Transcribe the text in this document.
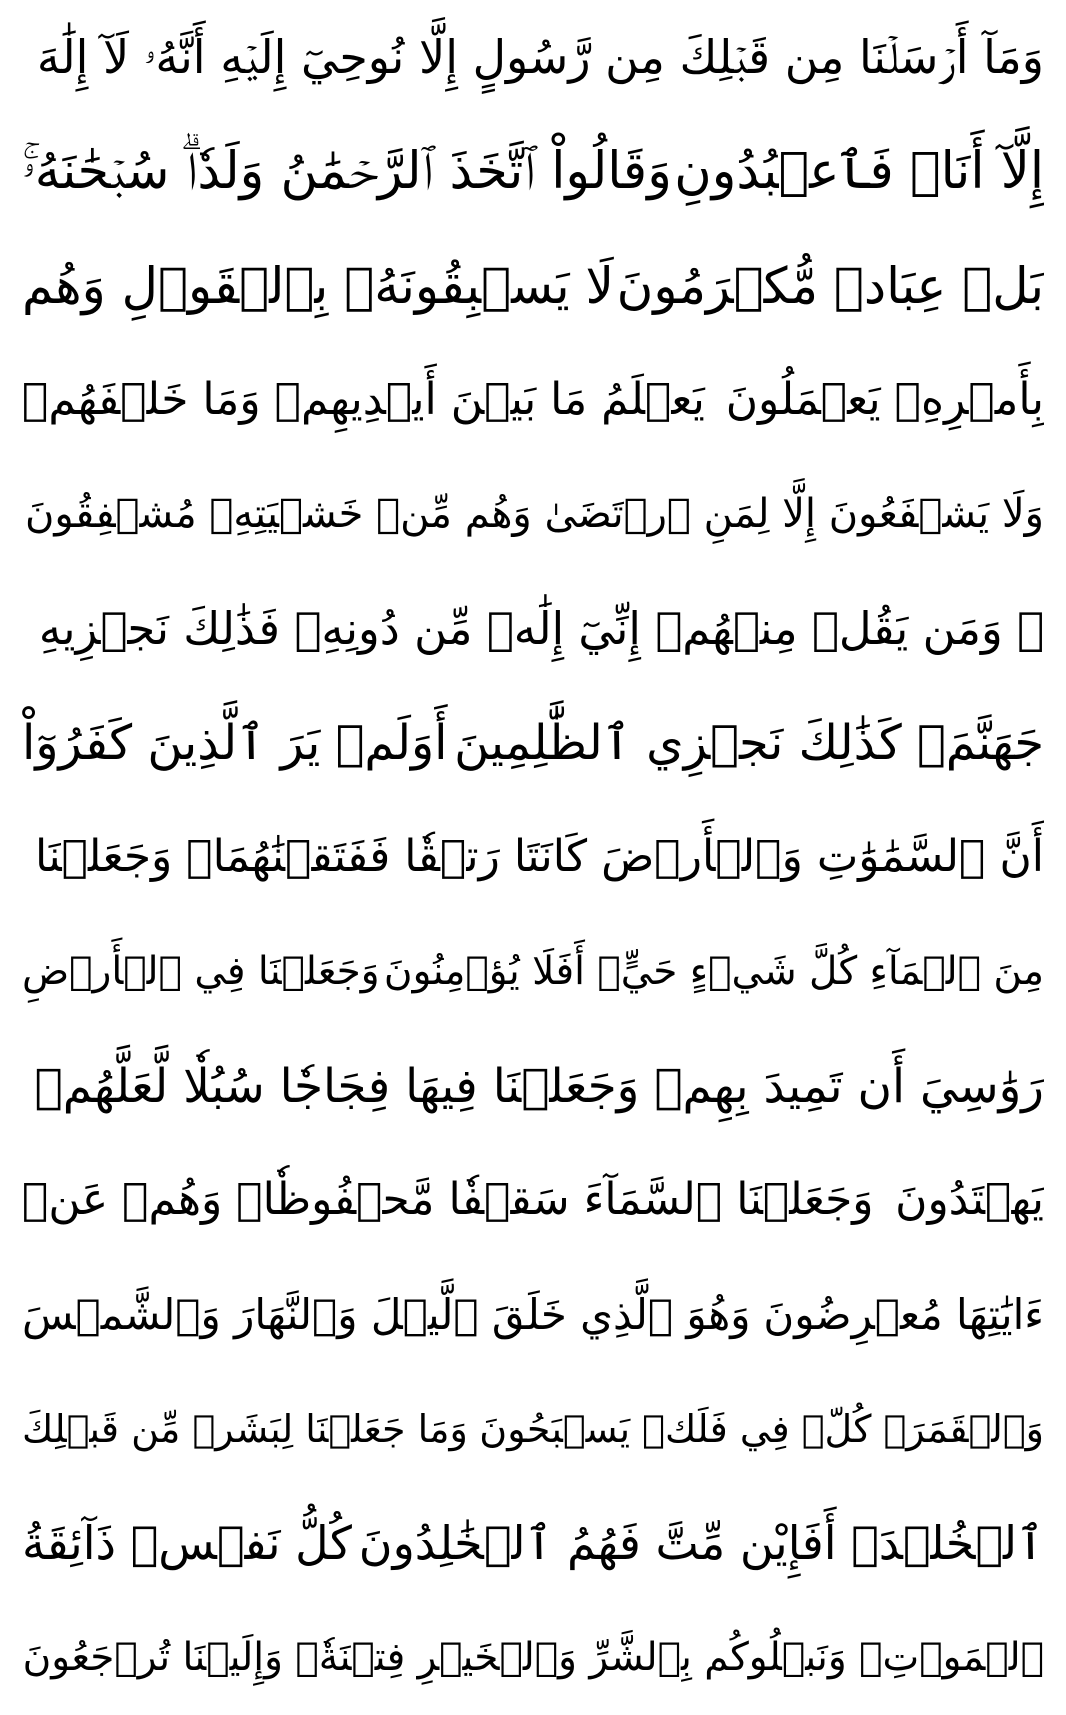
وَمَآ أَرۡسَلۡنَا مِن قَبۡلِكَ مِن رَّسُولٍ إِلَّا نُوحِيٓ إِلَيۡهِ أَنَّهُۥ لَآ إِلَٰهَ
إِلَّآ أَنَا۠ فَٱعۡبُدُونِ
وَقَالُواْ ٱتَّخَذَ ٱلرَّحۡمَٰنُ وَلَدٗاۗ سُبۡحَٰنَهُۥۚ
بَلۡ عِبَادٞ مُّكۡرَمُونَ
لَا يَسۡبِقُونَهُۥ بِٱلۡقَوۡلِ وَهُم
بِأَمۡرِهِۦ يَعۡمَلُونَ
يَعۡلَمُ مَا بَيۡنَ أَيۡدِيهِمۡ وَمَا خَلۡفَهُمۡ
وَلَا يَشۡفَعُونَ إِلَّا لِمَنِ ٱرۡتَضَىٰ وَهُم مِّنۡ خَشۡيَتِهِۦ مُشۡفِقُونَ
۞ وَمَن يَقُلۡ مِنۡهُمۡ إِنِّيٓ إِلَٰهٞ مِّن دُونِهِۦ فَذَٰلِكَ نَجۡزِيهِ
جَهَنَّمَۚ كَذَٰلِكَ نَجۡزِي ٱلظَّٰلِمِينَ
أَوَلَمۡ يَرَ ٱلَّذِينَ كَفَرُوٓاْ
أَنَّ ٱلسَّمَٰوَٰتِ وَٱلۡأَرۡضَ كَانَتَا رَتۡقٗا فَفَتَقۡنَٰهُمَاۖ وَجَعَلۡنَا
مِنَ ٱلۡمَآءِ كُلَّ شَيۡءٍ حَيٍّۚ أَفَلَا يُؤۡمِنُونَ
وَجَعَلۡنَا فِي ٱلۡأَرۡضِ
رَوَٰسِيَ أَن تَمِيدَ بِهِمۡ وَجَعَلۡنَا فِيهَا فِجَاجٗا سُبُلٗا لَّعَلَّهُمۡ
يَهۡتَدُونَ
وَجَعَلۡنَا ٱلسَّمَآءَ سَقۡفٗا مَّحۡفُوظٗاۖ وَهُمۡ عَنۡ
ءَايَٰتِهَا مُعۡرِضُونَ
وَهُوَ ٱلَّذِي خَلَقَ ٱلَّيۡلَ وَٱلنَّهَارَ وَٱلشَّمۡسَ
وَٱلۡقَمَرَۖ كُلّٞ فِي فَلَكٖ يَسۡبَحُونَ
وَمَا جَعَلۡنَا لِبَشَرٖ مِّن قَبۡلِكَ
ٱلۡخُلۡدَۖ أَفَإِيْن مِّتَّ فَهُمُ ٱلۡخَٰلِدُونَ
كُلُّ نَفۡسٖ ذَآئِقَةُ
ٱلۡمَوۡتِۗ وَنَبۡلُوكُم بِٱلشَّرِّ وَٱلۡخَيۡرِ فِتۡنَةٗۖ وَإِلَيۡنَا تُرۡجَعُونَ
